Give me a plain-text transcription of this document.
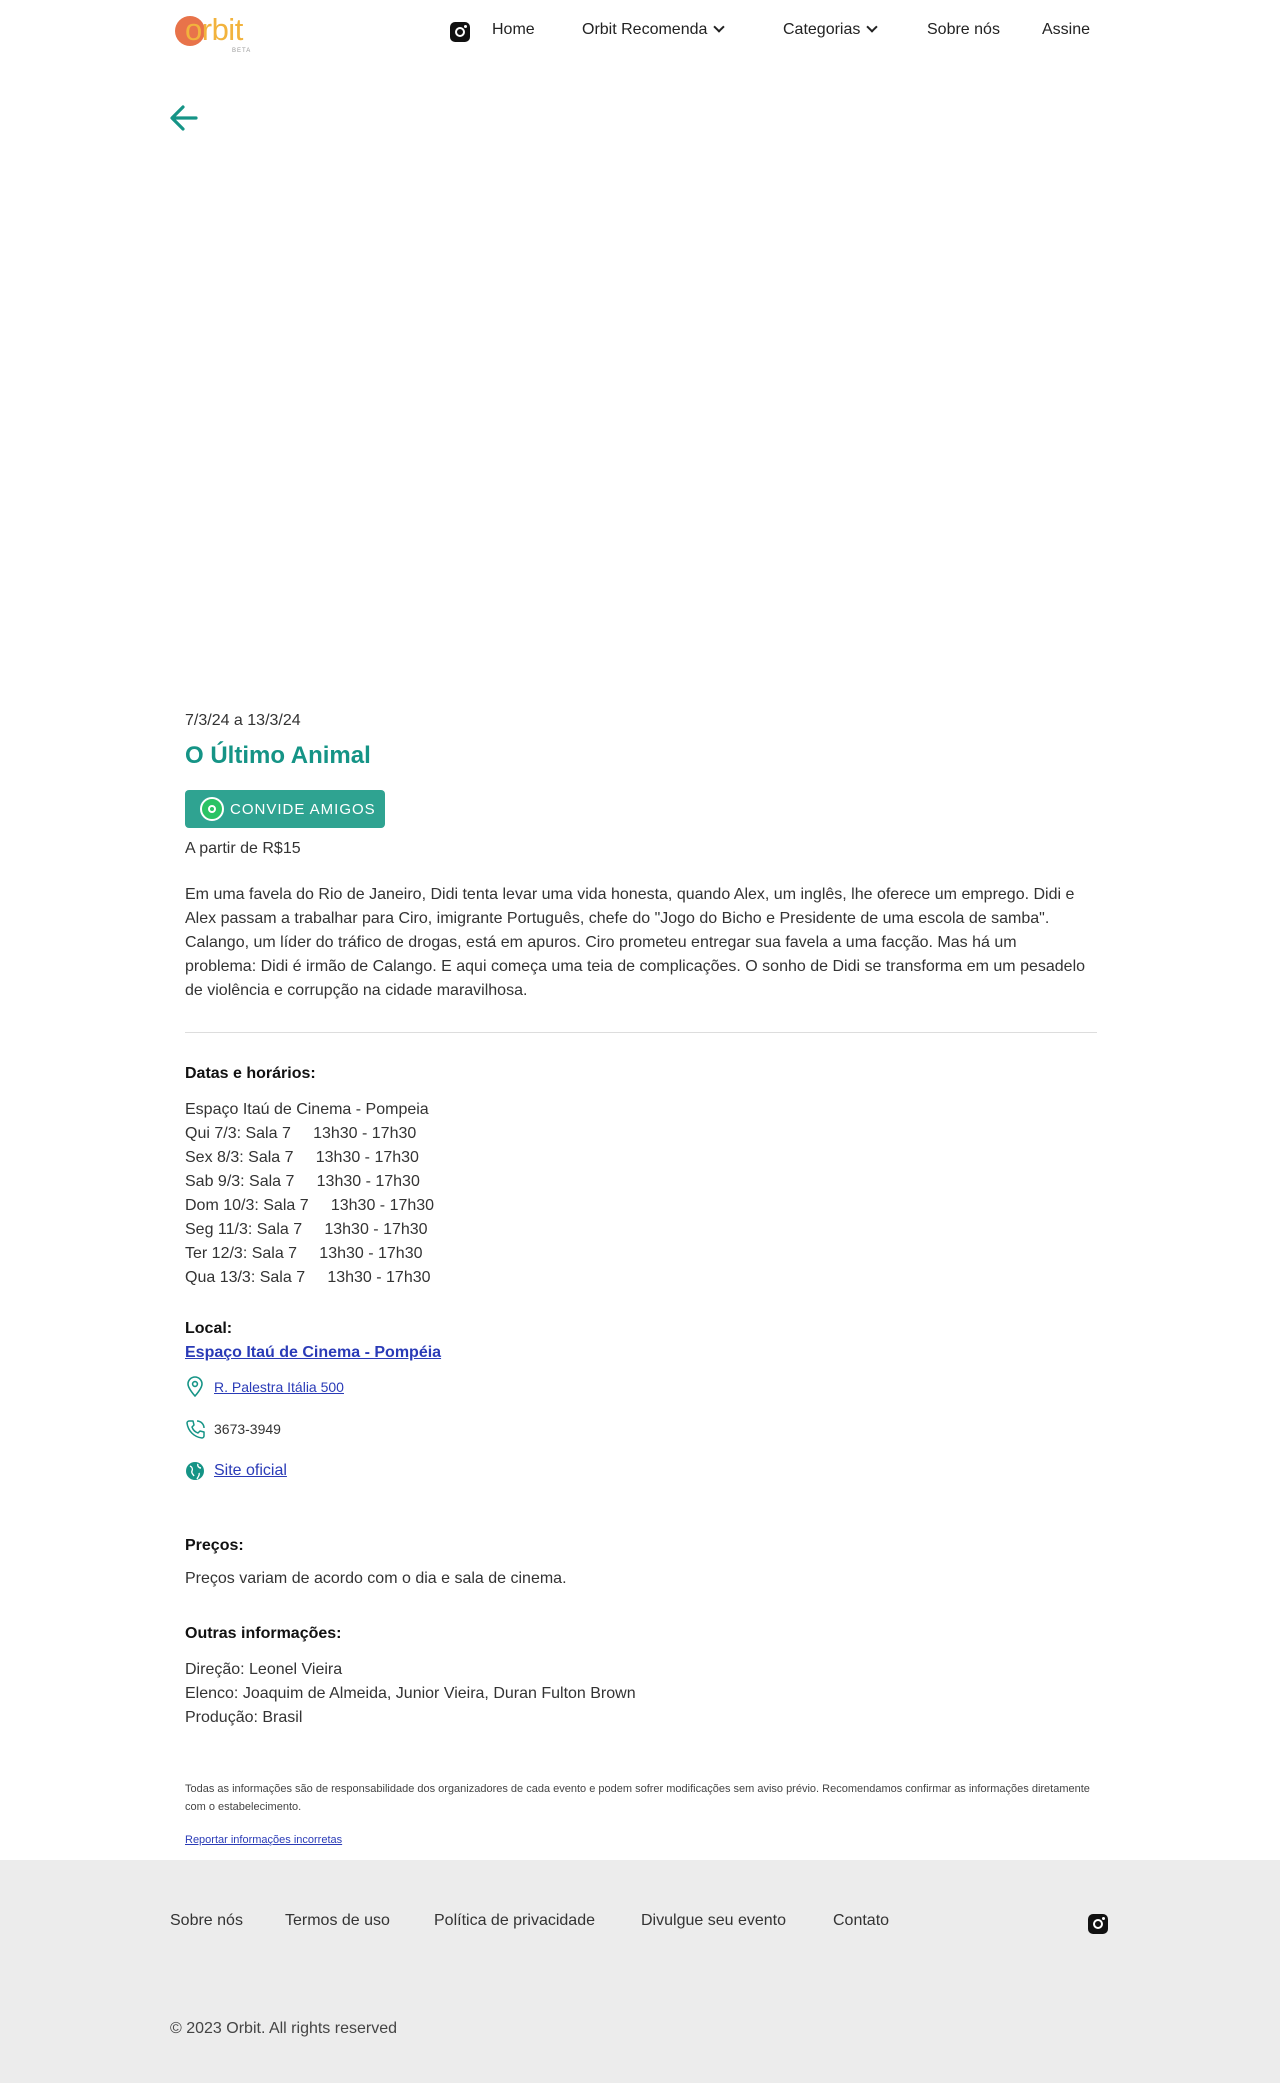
orbit
BETA
Home	Orbit Recomenda	Categorias	Sobre nós	Assine
7/3/24 a 13/3/24
O Último Animal
CONVIDE AMIGOS
A partir de R$15
Em uma favela do Rio de Janeiro, Didi tenta levar uma vida honesta, quando Alex, um inglês, lhe oferece um emprego. Didi e Alex passam a trabalhar para Ciro, imigrante Português, chefe do "Jogo do Bicho e Presidente de uma escola de samba". Calango, um líder do tráfico de drogas, está em apuros. Ciro prometeu entregar sua favela a uma facção. Mas há um problema: Didi é irmão de Calango. E aqui começa uma teia de complicações. O sonho de Didi se transforma em um pesadelo de violência e corrupção na cidade maravilhosa.
Datas e horários:
Espaço Itaú de Cinema - Pompeia
Qui 7/3: Sala 7     13h30 - 17h30
Sex 8/3: Sala 7     13h30 - 17h30
Sab 9/3: Sala 7     13h30 - 17h30
Dom 10/3: Sala 7     13h30 - 17h30
Seg 11/3: Sala 7     13h30 - 17h30
Ter 12/3: Sala 7     13h30 - 17h30
Qua 13/3: Sala 7     13h30 - 17h30
Local:
Espaço Itaú de Cinema - Pompéia
R. Palestra Itália 500
3673-3949
Site oficial
Preços:
Preços variam de acordo com o dia e sala de cinema.
Outras informações:
Direção: Leonel Vieira
Elenco: Joaquim de Almeida, Junior Vieira, Duran Fulton Brown
Produção: Brasil
Todas as informações são de responsabilidade dos organizadores de cada evento e podem sofrer modificações sem aviso prévio. Recomendamos confirmar as informações diretamente com o estabelecimento.
Reportar informações incorretas
Sobre nós	Termos de uso	Política de privacidade	Divulgue seu evento	Contato
© 2023 Orbit. All rights reserved
